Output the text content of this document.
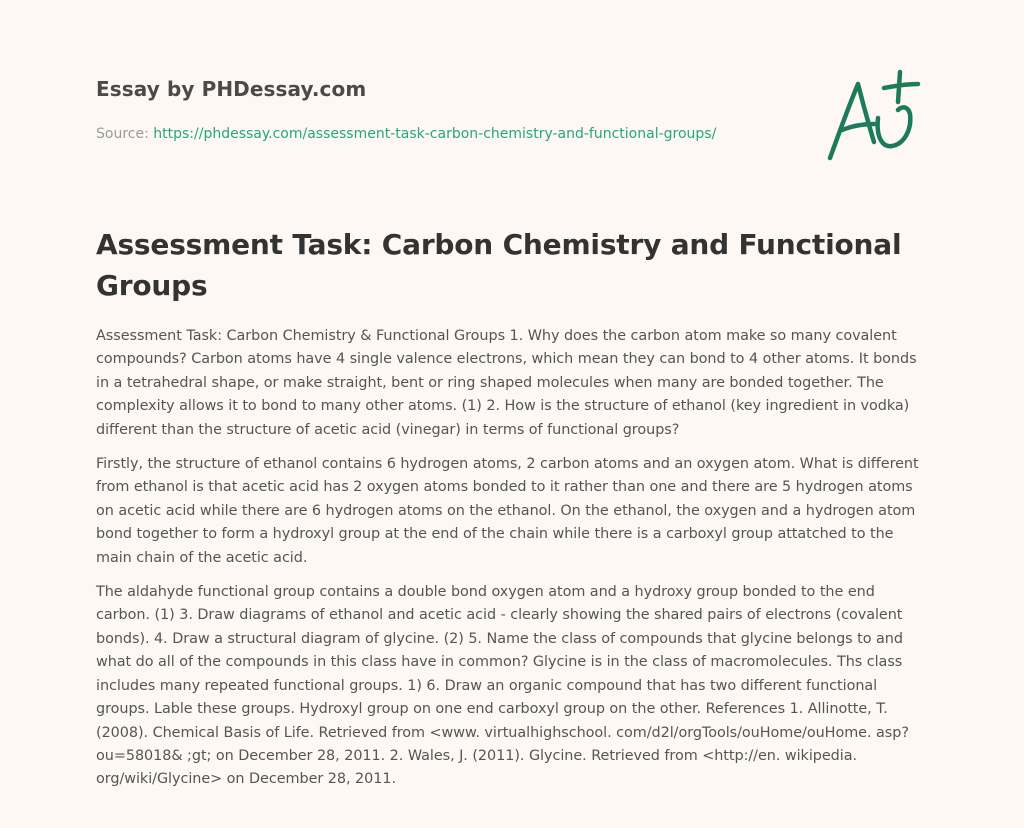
Essay by PHDessay.com

Source: https://phdessay.com/assessment-task-carbon-chemistry-and-functional-groups/
Assessment Task: Carbon Chemistry and Functional Groups

Assessment Task: Carbon Chemistry & Functional Groups 1. Why does the carbon atom make so many covalent compounds? Carbon atoms have 4 single valence electrons, which mean they can bond to 4 other atoms. It bonds in a tetrahedral shape, or make straight, bent or ring shaped molecules when many are bonded together. The complexity allows it to bond to many other atoms. (1) 2. How is the structure of ethanol (key ingredient in vodka) different than the structure of acetic acid (vinegar) in terms of functional groups?

Firstly, the structure of ethanol contains 6 hydrogen atoms, 2 carbon atoms and an oxygen atom. What is different from ethanol is that acetic acid has 2 oxygen atoms bonded to it rather than one and there are 5 hydrogen atoms on acetic acid while there are 6 hydrogen atoms on the ethanol. On the ethanol, the oxygen and a hydrogen atom bond together to form a hydroxyl group at the end of the chain while there is a carboxyl group attatched to the main chain of the acetic acid.

The aldahyde functional group contains a double bond oxygen atom and a hydroxy group bonded to the end carbon. (1) 3. Draw diagrams of ethanol and acetic acid - clearly showing the shared pairs of electrons (covalent bonds). 4. Draw a structural diagram of glycine. (2) 5. Name the class of compounds that glycine belongs to and what do all of the compounds in this class have in common? Glycine is in the class of macromolecules. Ths class includes many repeated functional groups. 1) 6. Draw an organic compound that has two different functional groups. Lable these groups. Hydroxyl group on one end carboxyl group on the other. References 1. Allinotte, T. (2008). Chemical Basis of Life. Retrieved from <www. virtualhighschool. com/d2l/orgTools/ouHome/ouHome. asp? ou=58018& ;gt; on December 28, 2011. 2. Wales, J. (2011). Glycine. Retrieved from <http://en. wikipedia. org/wiki/Glycine> on December 28, 2011.
